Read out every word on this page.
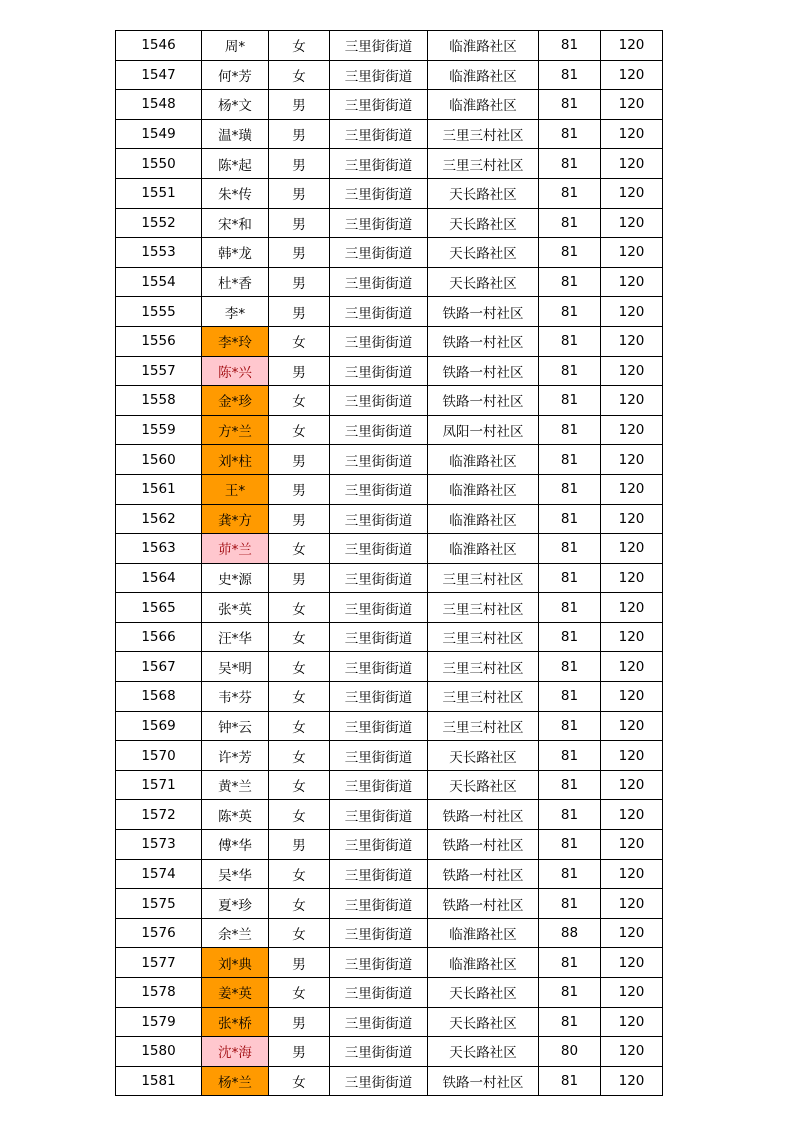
1546	周*	女	三里街街道	临淮路社区	81	120
1547	何*芳	女	三里街街道	临淮路社区	81	120
1548	杨*文	男	三里街街道	临淮路社区	81	120
1549	温*璜	男	三里街街道	三里三村社区	81	120
1550	陈*起	男	三里街街道	三里三村社区	81	120
1551	朱*传	男	三里街街道	天长路社区	81	120
1552	宋*和	男	三里街街道	天长路社区	81	120
1553	韩*龙	男	三里街街道	天长路社区	81	120
1554	杜*香	男	三里街街道	天长路社区	81	120
1555	李*	男	三里街街道	铁路一村社区	81	120
1556	李*玲	女	三里街街道	铁路一村社区	81	120
1557	陈*兴	男	三里街街道	铁路一村社区	81	120
1558	金*珍	女	三里街街道	铁路一村社区	81	120
1559	方*兰	女	三里街街道	凤阳一村社区	81	120
1560	刘*柱	男	三里街街道	临淮路社区	81	120
1561	王*	男	三里街街道	临淮路社区	81	120
1562	龚*方	男	三里街街道	临淮路社区	81	120
1563	茆*兰	女	三里街街道	临淮路社区	81	120
1564	史*源	男	三里街街道	三里三村社区	81	120
1565	张*英	女	三里街街道	三里三村社区	81	120
1566	汪*华	女	三里街街道	三里三村社区	81	120
1567	吴*明	女	三里街街道	三里三村社区	81	120
1568	韦*芬	女	三里街街道	三里三村社区	81	120
1569	钟*云	女	三里街街道	三里三村社区	81	120
1570	许*芳	女	三里街街道	天长路社区	81	120
1571	黄*兰	女	三里街街道	天长路社区	81	120
1572	陈*英	女	三里街街道	铁路一村社区	81	120
1573	傅*华	男	三里街街道	铁路一村社区	81	120
1574	吴*华	女	三里街街道	铁路一村社区	81	120
1575	夏*珍	女	三里街街道	铁路一村社区	81	120
1576	余*兰	女	三里街街道	临淮路社区	88	120
1577	刘*典	男	三里街街道	临淮路社区	81	120
1578	姜*英	女	三里街街道	天长路社区	81	120
1579	张*桥	男	三里街街道	天长路社区	81	120
1580	沈*海	男	三里街街道	天长路社区	80	120
1581	杨*兰	女	三里街街道	铁路一村社区	81	120
